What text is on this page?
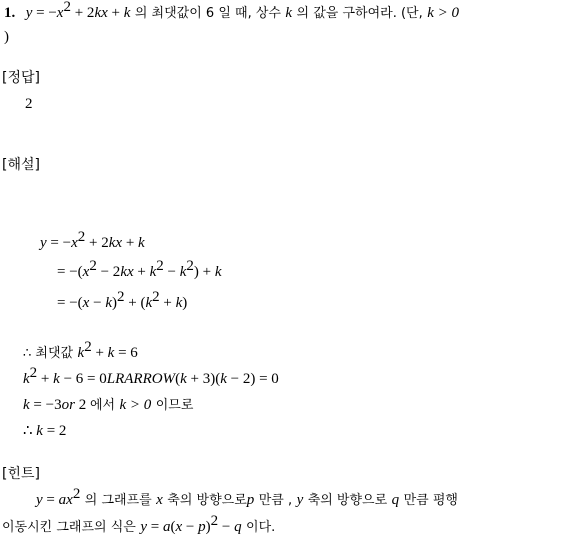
1. $y = -x^2 + 2kx + k$ 의 최댓값이 6 일 때, 상수 k 의 값을 구하여라. (단, k > 0
)
[정답]
2
[해설]
$y = -x^2 + 2kx + k$
= $-(x^2 - 2kx + k^2 - k^2) + k$
= $-(x - k)^2 + (k^2 + k)$
∴ 최댓값 $k^2 + k = 6$
$k^2 + k - 6$ = 0LRARROW(k + 3)(k − 2) = 0
k = −3or 2 에서 k > 0 이므로
∴ k = 2
[힌트]
$y = ax^2$ 의 그래프를 x 축의 방향으로p 만큼 , y 축의 방향으로 q 만큼 평행
이동시킨 그래프의 식은 $y = a(x - p)^2 - q$ 이다.
